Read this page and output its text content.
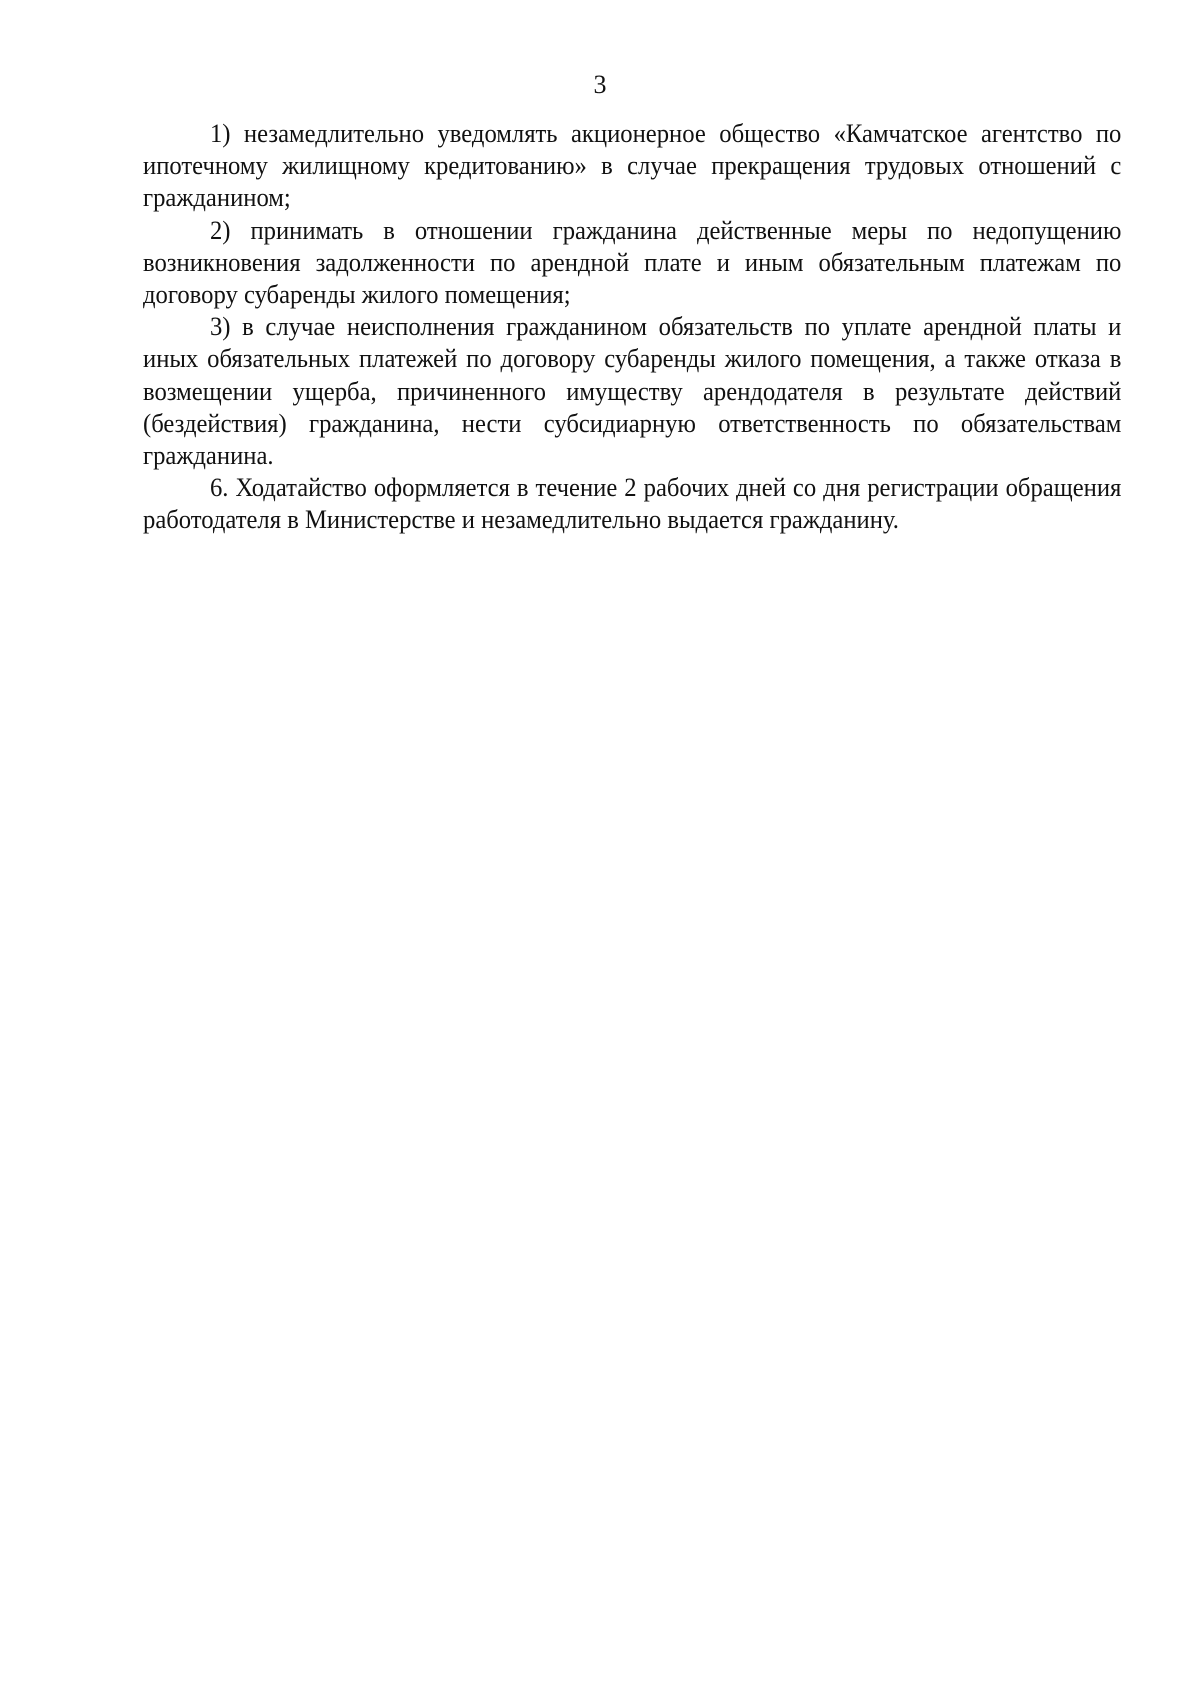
3

1) незамедлительно уведомлять акционерное общество «Камчатское агентство по ипотечному жилищному кредитованию» в случае прекращения трудовых отношений с гражданином;

2) принимать в отношении гражданина действенные меры по недопущению возникновения задолженности по арендной плате и иным обязательным платежам по договору субаренды жилого помещения;

3) в случае неисполнения гражданином обязательств по уплате арендной платы и иных обязательных платежей по договору субаренды жилого помещения, а также отказа в возмещении ущерба, причиненного имуществу арендодателя в результате действий (бездействия) гражданина, нести субсидиарную ответственность по обязательствам гражданина.

6. Ходатайство оформляется в течение 2 рабочих дней со дня регистрации обращения работодателя в Министерстве и незамедлительно выдается гражданину.
